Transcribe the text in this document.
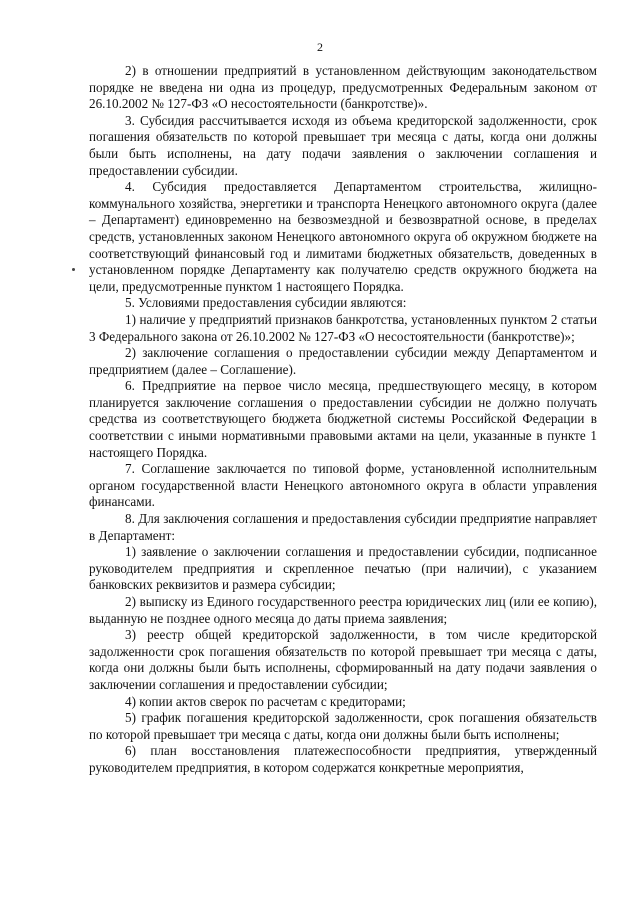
2

2) в отношении предприятий в установленном действующим законодательством порядке не введена ни одна из процедур, предусмотренных Федеральным законом от 26.10.2002 № 127-ФЗ «О несостоятельности (банкротстве)».

3. Субсидия рассчитывается исходя из объема кредиторской задолженности, срок погашения обязательств по которой превышает три месяца с даты, когда они должны были быть исполнены, на дату подачи заявления о заключении соглашения и предоставлении субсидии.

4. Субсидия предоставляется Департаментом строительства, жилищно-коммунального хозяйства, энергетики и транспорта Ненецкого автономного округа (далее – Департамент) единовременно на безвозмездной и безвозвратной основе, в пределах средств, установленных законом Ненецкого автономного округа об окружном бюджете на соответствующий финансовый год и лимитами бюджетных обязательств, доведенных в установленном порядке Департаменту как получателю средств окружного бюджета на цели, предусмотренные пунктом 1 настоящего Порядка.

5. Условиями предоставления субсидии являются:

1) наличие у предприятий признаков банкротства, установленных пунктом 2 статьи 3 Федерального закона от 26.10.2002 № 127-ФЗ «О несостоятельности (банкротстве)»;

2) заключение соглашения о предоставлении субсидии между Департаментом и предприятием (далее – Соглашение).

6. Предприятие на первое число месяца, предшествующего месяцу, в котором планируется заключение соглашения о предоставлении субсидии не должно получать средства из соответствующего бюджета бюджетной системы Российской Федерации в соответствии с иными нормативными правовыми актами на цели, указанные в пункте 1 настоящего Порядка.

7. Соглашение заключается по типовой форме, установленной исполнительным органом государственной власти Ненецкого автономного округа в области управления финансами.

8. Для заключения соглашения и предоставления субсидии предприятие направляет в Департамент:

1) заявление о заключении соглашения и предоставлении субсидии, подписанное руководителем предприятия и скрепленное печатью (при наличии), с указанием банковских реквизитов и размера субсидии;

2) выписку из Единого государственного реестра юридических лиц (или ее копию), выданную не позднее одного месяца до даты приема заявления;

3) реестр общей кредиторской задолженности, в том числе кредиторской задолженности срок погашения обязательств по которой превышает три месяца с даты, когда они должны были быть исполнены, сформированный на дату подачи заявления о заключении соглашения и предоставлении субсидии;

4) копии актов сверок по расчетам с кредиторами;

5) график погашения кредиторской задолженности, срок погашения обязательств по которой превышает три месяца с даты, когда они должны были быть исполнены;

6) план восстановления платежеспособности предприятия, утвержденный руководителем предприятия, в котором содержатся конкретные мероприятия,
